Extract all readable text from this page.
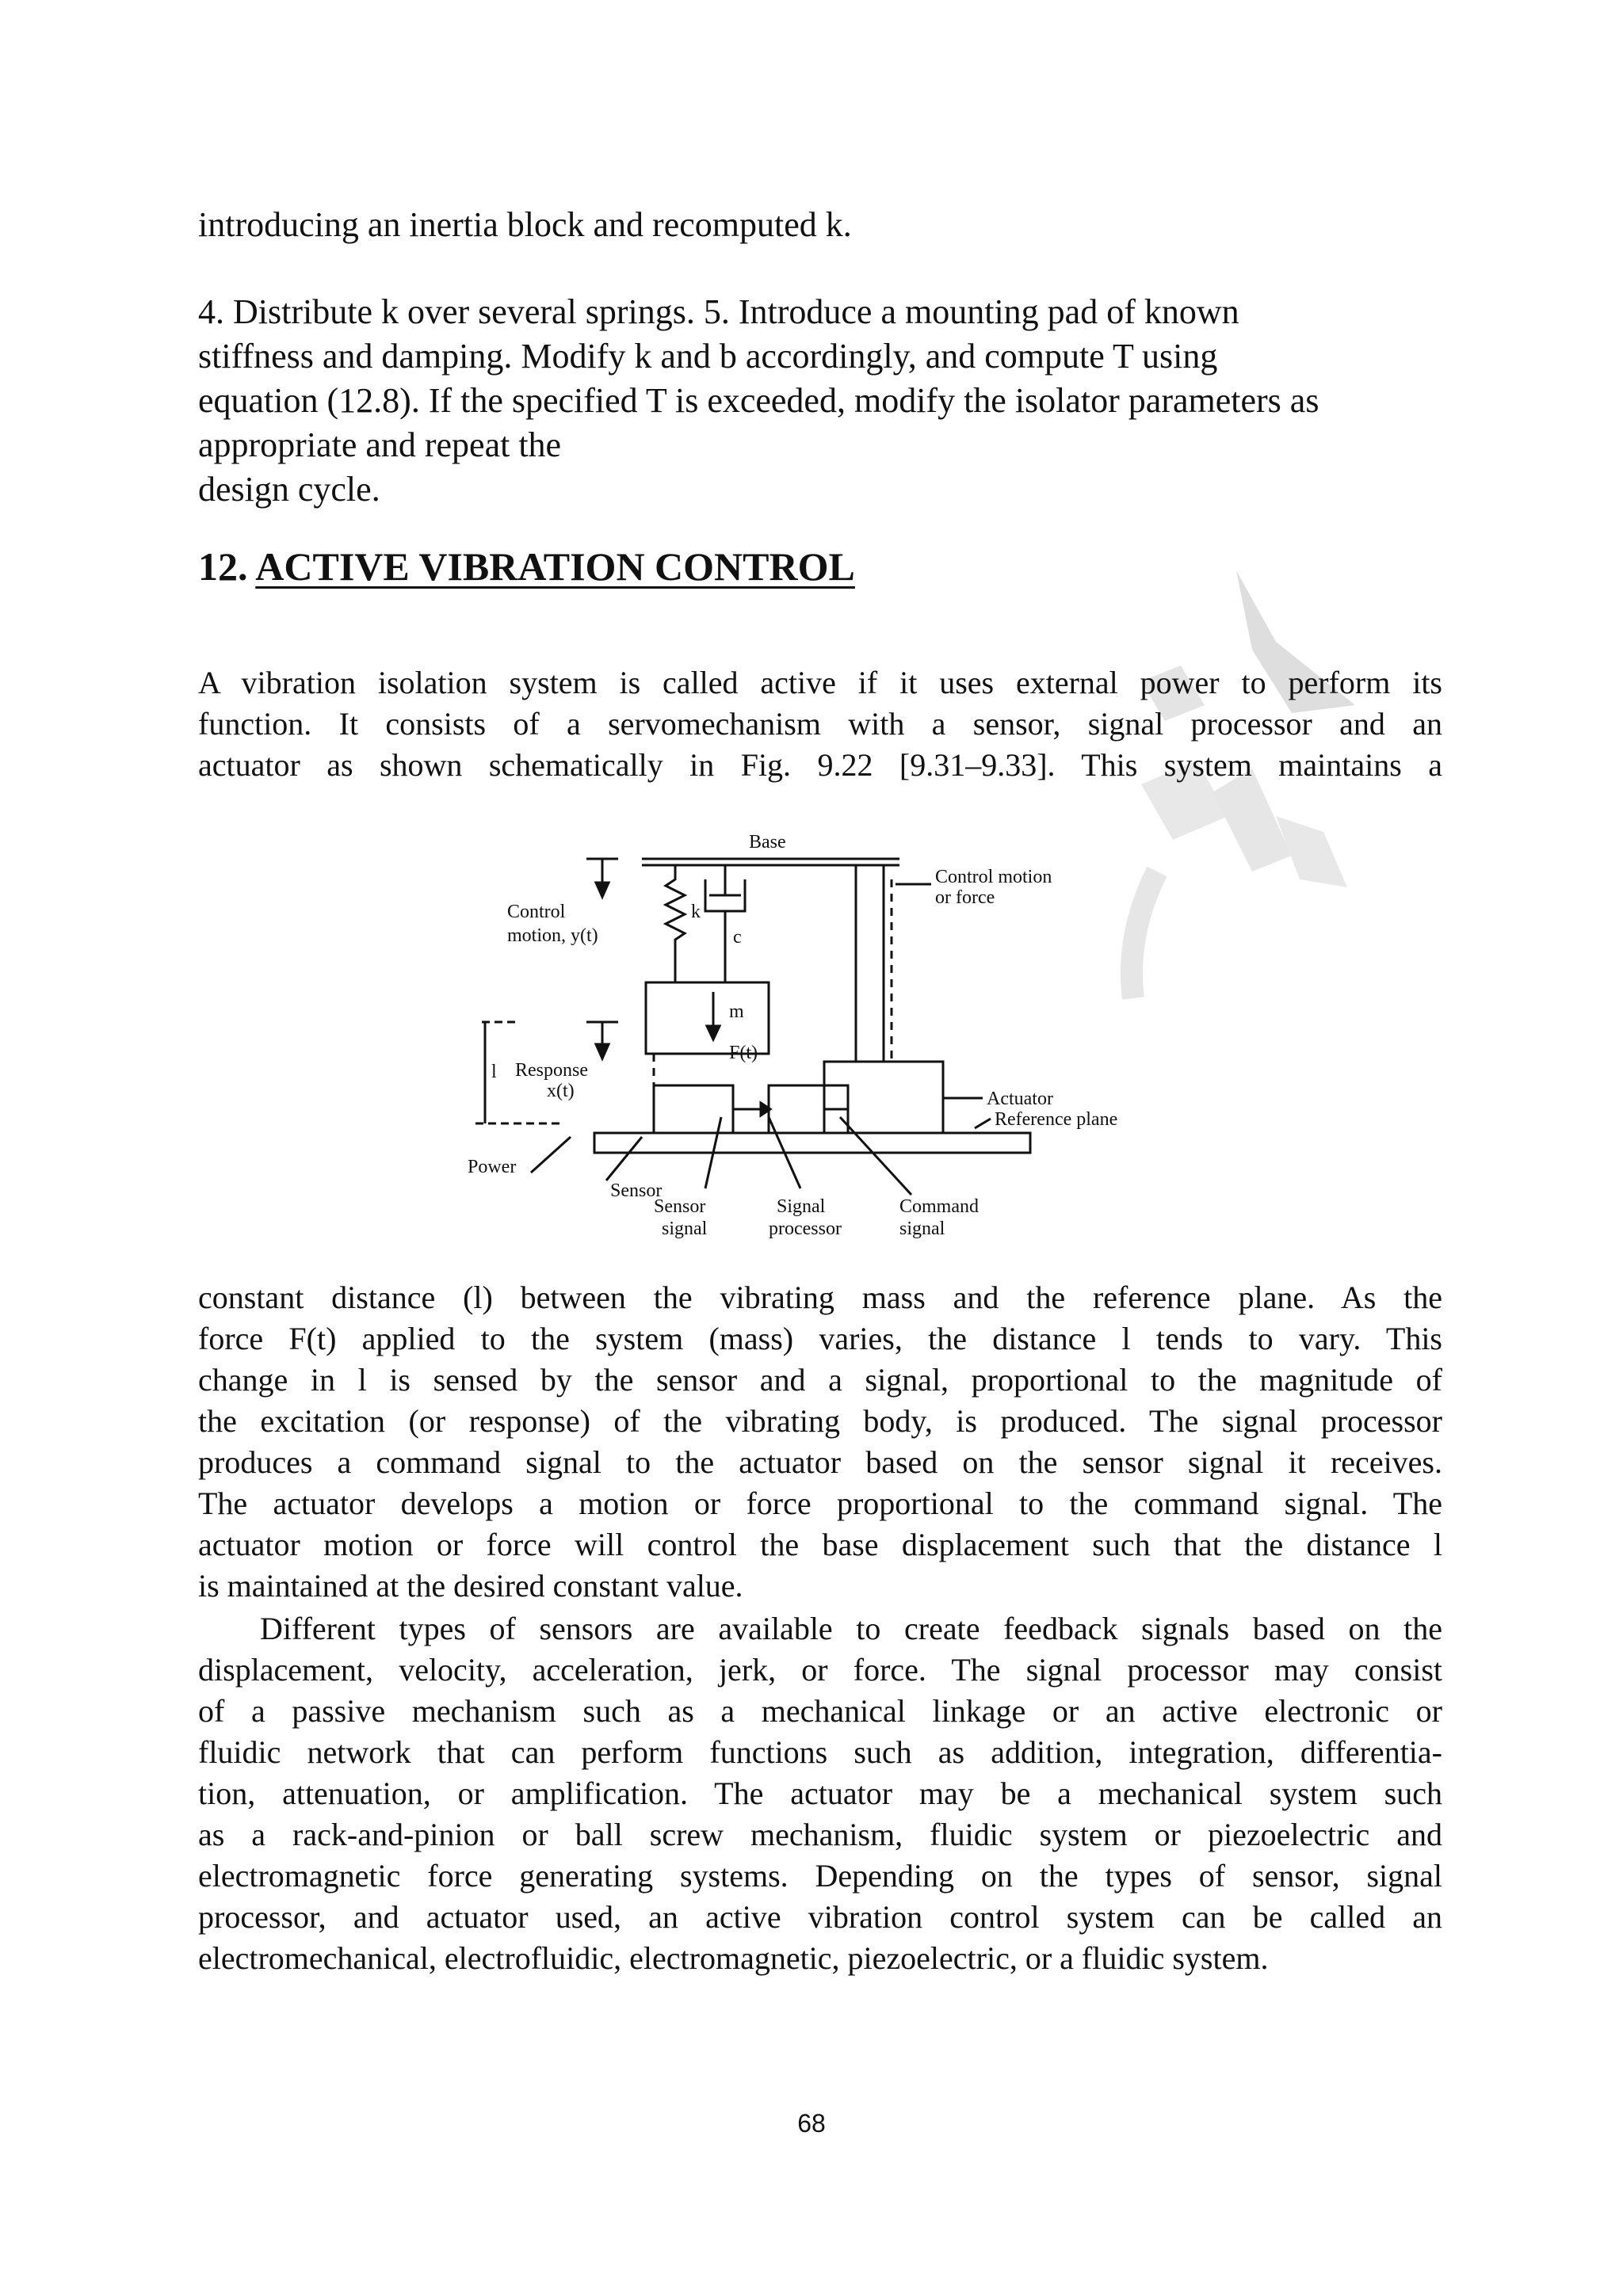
introducing an inertia block and recomputed k.

4. Distribute k over several springs. 5. Introduce a mounting pad of known
stiffness and damping. Modify k and b accordingly, and compute T using
equation (12.8). If the specified T is exceeded, modify the isolator parameters as
appropriate and repeat the
design cycle.

12. ACTIVE VIBRATION CONTROL

A vibration isolation system is called active if it uses external power to perform its
function. It consists of a servomechanism with a sensor, signal processor and an
actuator as shown schematically in Fig. 9.22 [9.31–9.33]. This system maintains a

Base
Control
motion, y(t)
k
c
m
F(t)
l Response
x(t)
Power
Sensor
Sensor
signal
Signal
processor
Command
signal
Control motion
or force
Actuator
Reference plane

constant distance (l) between the vibrating mass and the reference plane. As the
force F(t) applied to the system (mass) varies, the distance l tends to vary. This
change in l is sensed by the sensor and a signal, proportional to the magnitude of
the excitation (or response) of the vibrating body, is produced. The signal processor
produces a command signal to the actuator based on the sensor signal it receives.
The actuator develops a motion or force proportional to the command signal. The
actuator motion or force will control the base displacement such that the distance l
is maintained at the desired constant value.

Different types of sensors are available to create feedback signals based on the
displacement, velocity, acceleration, jerk, or force. The signal processor may consist
of a passive mechanism such as a mechanical linkage or an active electronic or
fluidic network that can perform functions such as addition, integration, differentia-
tion, attenuation, or amplification. The actuator may be a mechanical system such
as a rack-and-pinion or ball screw mechanism, fluidic system or piezoelectric and
electromagnetic force generating systems. Depending on the types of sensor, signal
processor, and actuator used, an active vibration control system can be called an
electromechanical, electrofluidic, electromagnetic, piezoelectric, or a fluidic system.

68
